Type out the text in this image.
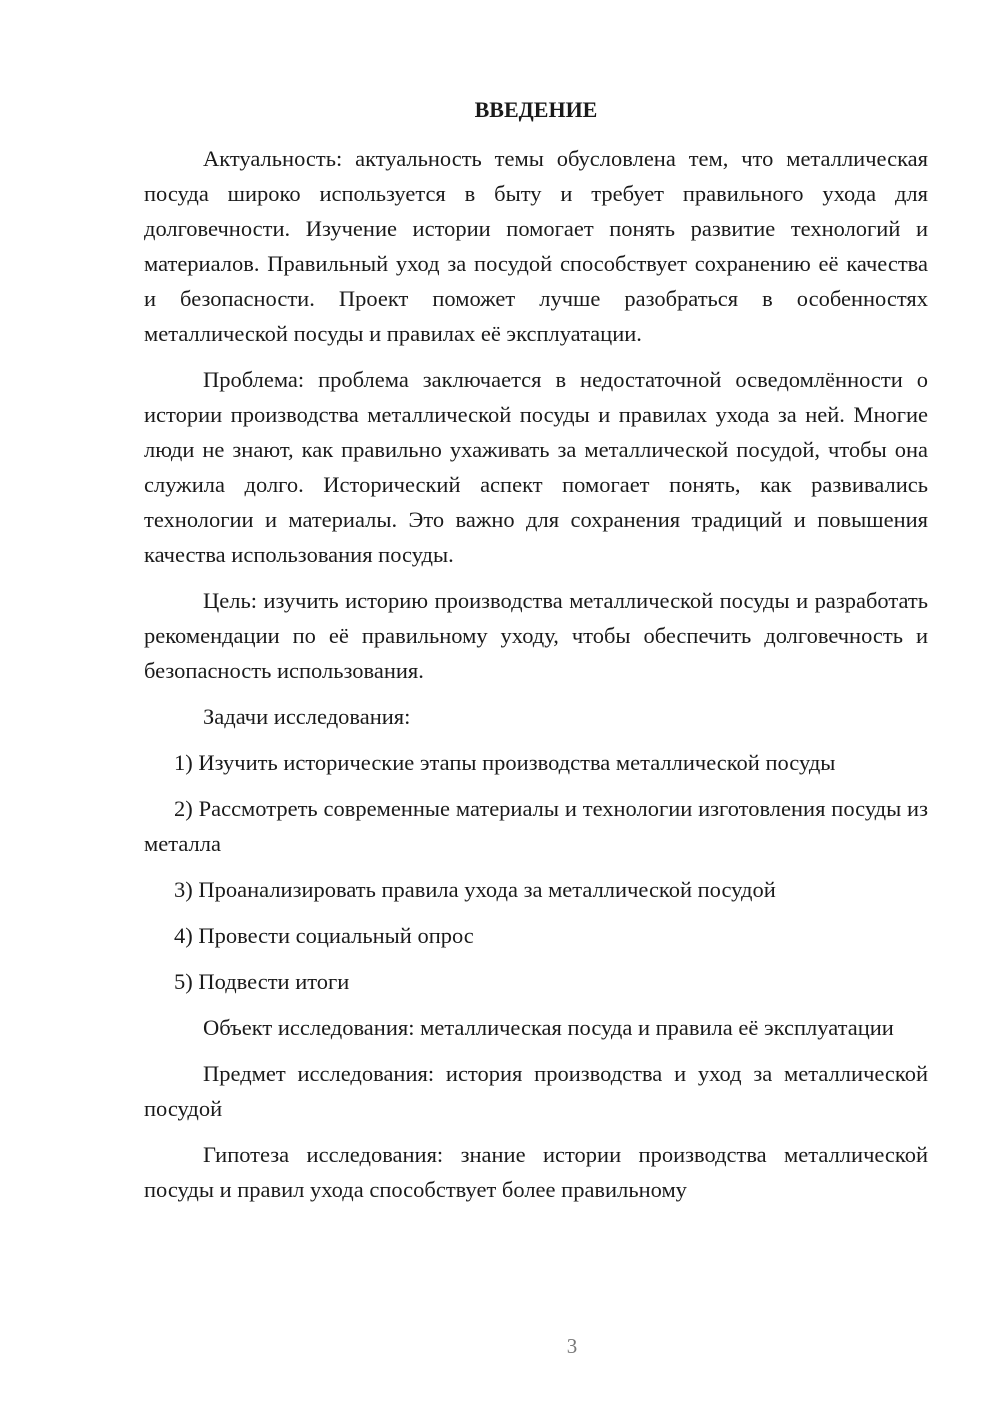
ВВЕДЕНИЕ

Актуальность: актуальность темы обусловлена тем, что металлическая посуда широко используется в быту и требует правильного ухода для долговечности. Изучение истории помогает понять развитие технологий и материалов. Правильный уход за посудой способствует сохранению её качества и безопасности. Проект поможет лучше разобраться в особенностях металлической посуды и правилах её эксплуатации.

Проблема: проблема заключается в недостаточной осведомлённости о истории производства металлической посуды и правилах ухода за ней. Многие люди не знают, как правильно ухаживать за металлической посудой, чтобы она служила долго. Исторический аспект помогает понять, как развивались технологии и материалы. Это важно для сохранения традиций и повышения качества использования посуды.

Цель: изучить историю производства металлической посуды и разработать рекомендации по её правильному уходу, чтобы обеспечить долговечность и безопасность использования.

Задачи исследования:

1) Изучить исторические этапы производства металлической посуды

2) Рассмотреть современные материалы и технологии изготовления посуды из металла

3) Проанализировать правила ухода за металлической посудой

4) Провести социальный опрос

5) Подвести итоги

Объект исследования: металлическая посуда и правила её эксплуатации

Предмет исследования: история производства и уход за металлической посудой

Гипотеза исследования: знание истории производства металлической посуды и правил ухода способствует более правильному

3
